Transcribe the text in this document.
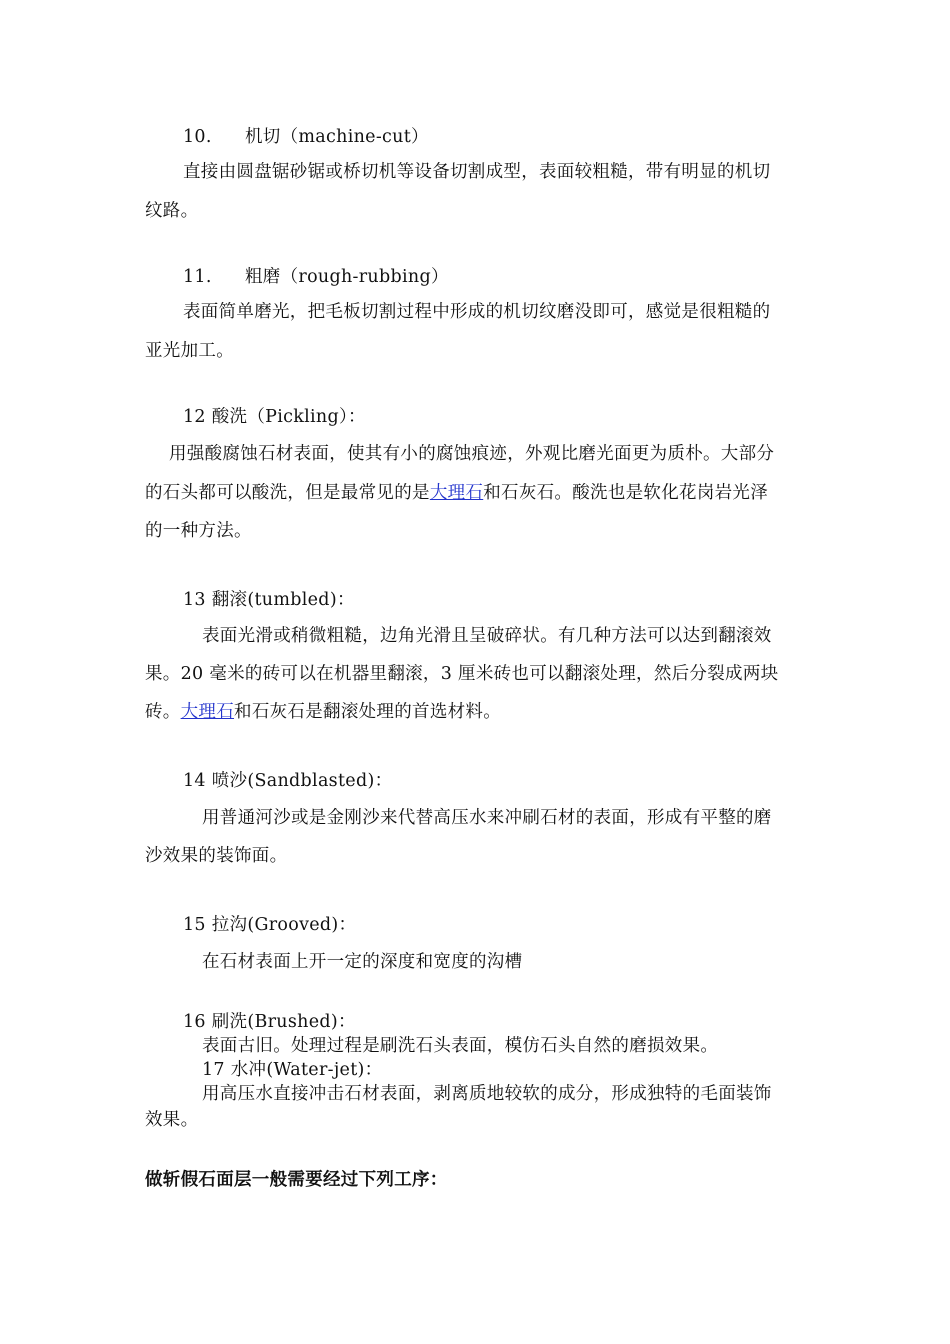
10. 机切（machine-cut）

直接由圆盘锯砂锯或桥切机等设备切割成型，表面较粗糙，带有明显的机切

纹路。

11. 粗磨（rough-rubbing）

表面简单磨光，把毛板切割过程中形成的机切纹磨没即可，感觉是很粗糙的

亚光加工。

12 酸洗（Pickling）：

用强酸腐蚀石材表面，使其有小的腐蚀痕迹，外观比磨光面更为质朴。大部分

的石头都可以酸洗，但是最常见的是大理石和石灰石。酸洗也是软化花岗岩光泽

的一种方法。

13 翻滚(tumbled)：

表面光滑或稍微粗糙，边角光滑且呈破碎状。有几种方法可以达到翻滚效

果。20 毫米的砖可以在机器里翻滚，3 厘米砖也可以翻滚处理，然后分裂成两块

砖。大理石和石灰石是翻滚处理的首选材料。

14 喷沙(Sandblasted)：

用普通河沙或是金刚沙来代替高压水来冲刷石材的表面，形成有平整的磨

沙效果的装饰面。

15 拉沟(Grooved)：

在石材表面上开一定的深度和宽度的沟槽

16 刷洗(Brushed)：

表面古旧。处理过程是刷洗石头表面，模仿石头自然的磨损效果。

17 水冲(Water-jet)：

用高压水直接冲击石材表面，剥离质地较软的成分，形成独特的毛面装饰

效果。

做斩假石面层一般需要经过下列工序：
